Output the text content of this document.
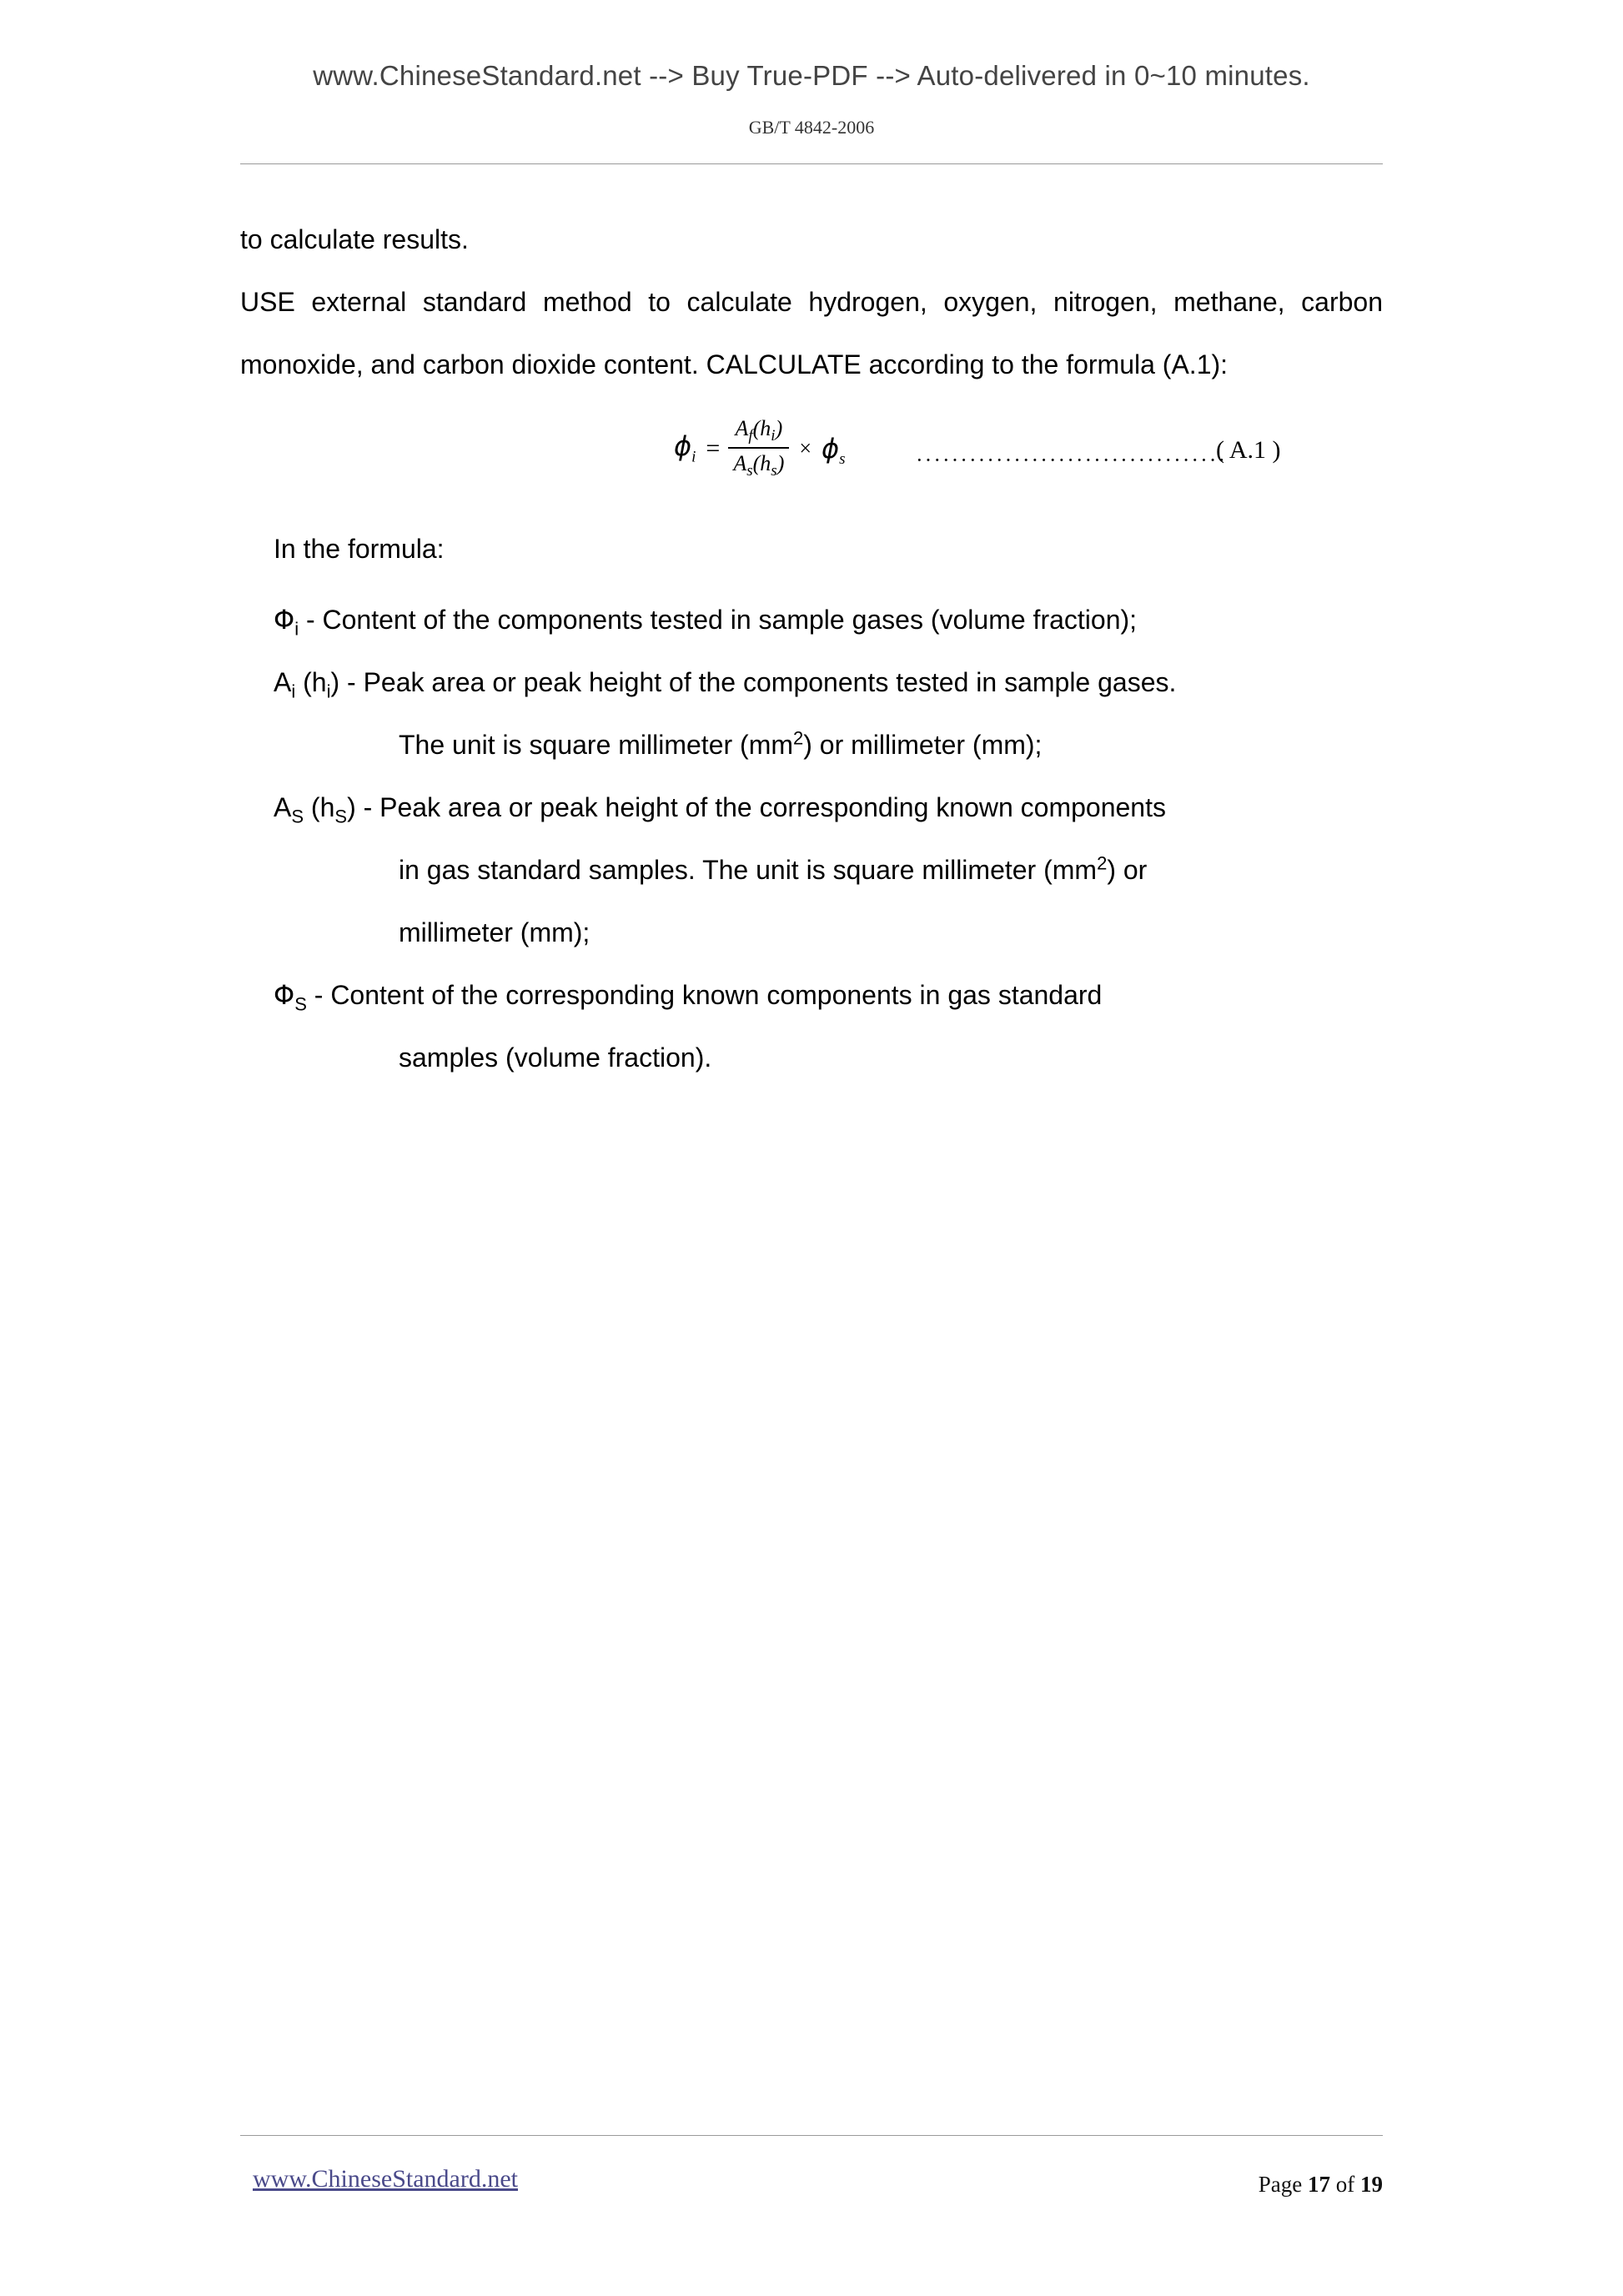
www.ChineseStandard.net --> Buy True-PDF --> Auto-delivered in 0~10 minutes.
GB/T 4842-2006

to calculate results.

USE external standard method to calculate hydrogen, oxygen, nitrogen, methane, carbon monoxide, and carbon dioxide content. CALCULATE according to the formula (A.1):

$\phi_i = \frac{A_f(h_i)}{A_s(h_s)} \times \phi_s$	···································
( A.1 )
In the formula:
$\Phi_i$ - Content of the components tested in sample gases (volume fraction);
$A_i$ $(h_i)$ - Peak area or peak height of the components tested in sample gases.
The unit is square millimeter $(mm^2)$ or millimeter (mm);
$A_S$ $(h_S)$ - Peak area or peak height of the corresponding known components
in gas standard samples. The unit is square millimeter $(mm^2)$ or
millimeter (mm);
$\Phi_S$ - Content of the corresponding known components in gas standard
samples (volume fraction).
www.ChineseStandard.net	Page 17 of 19
